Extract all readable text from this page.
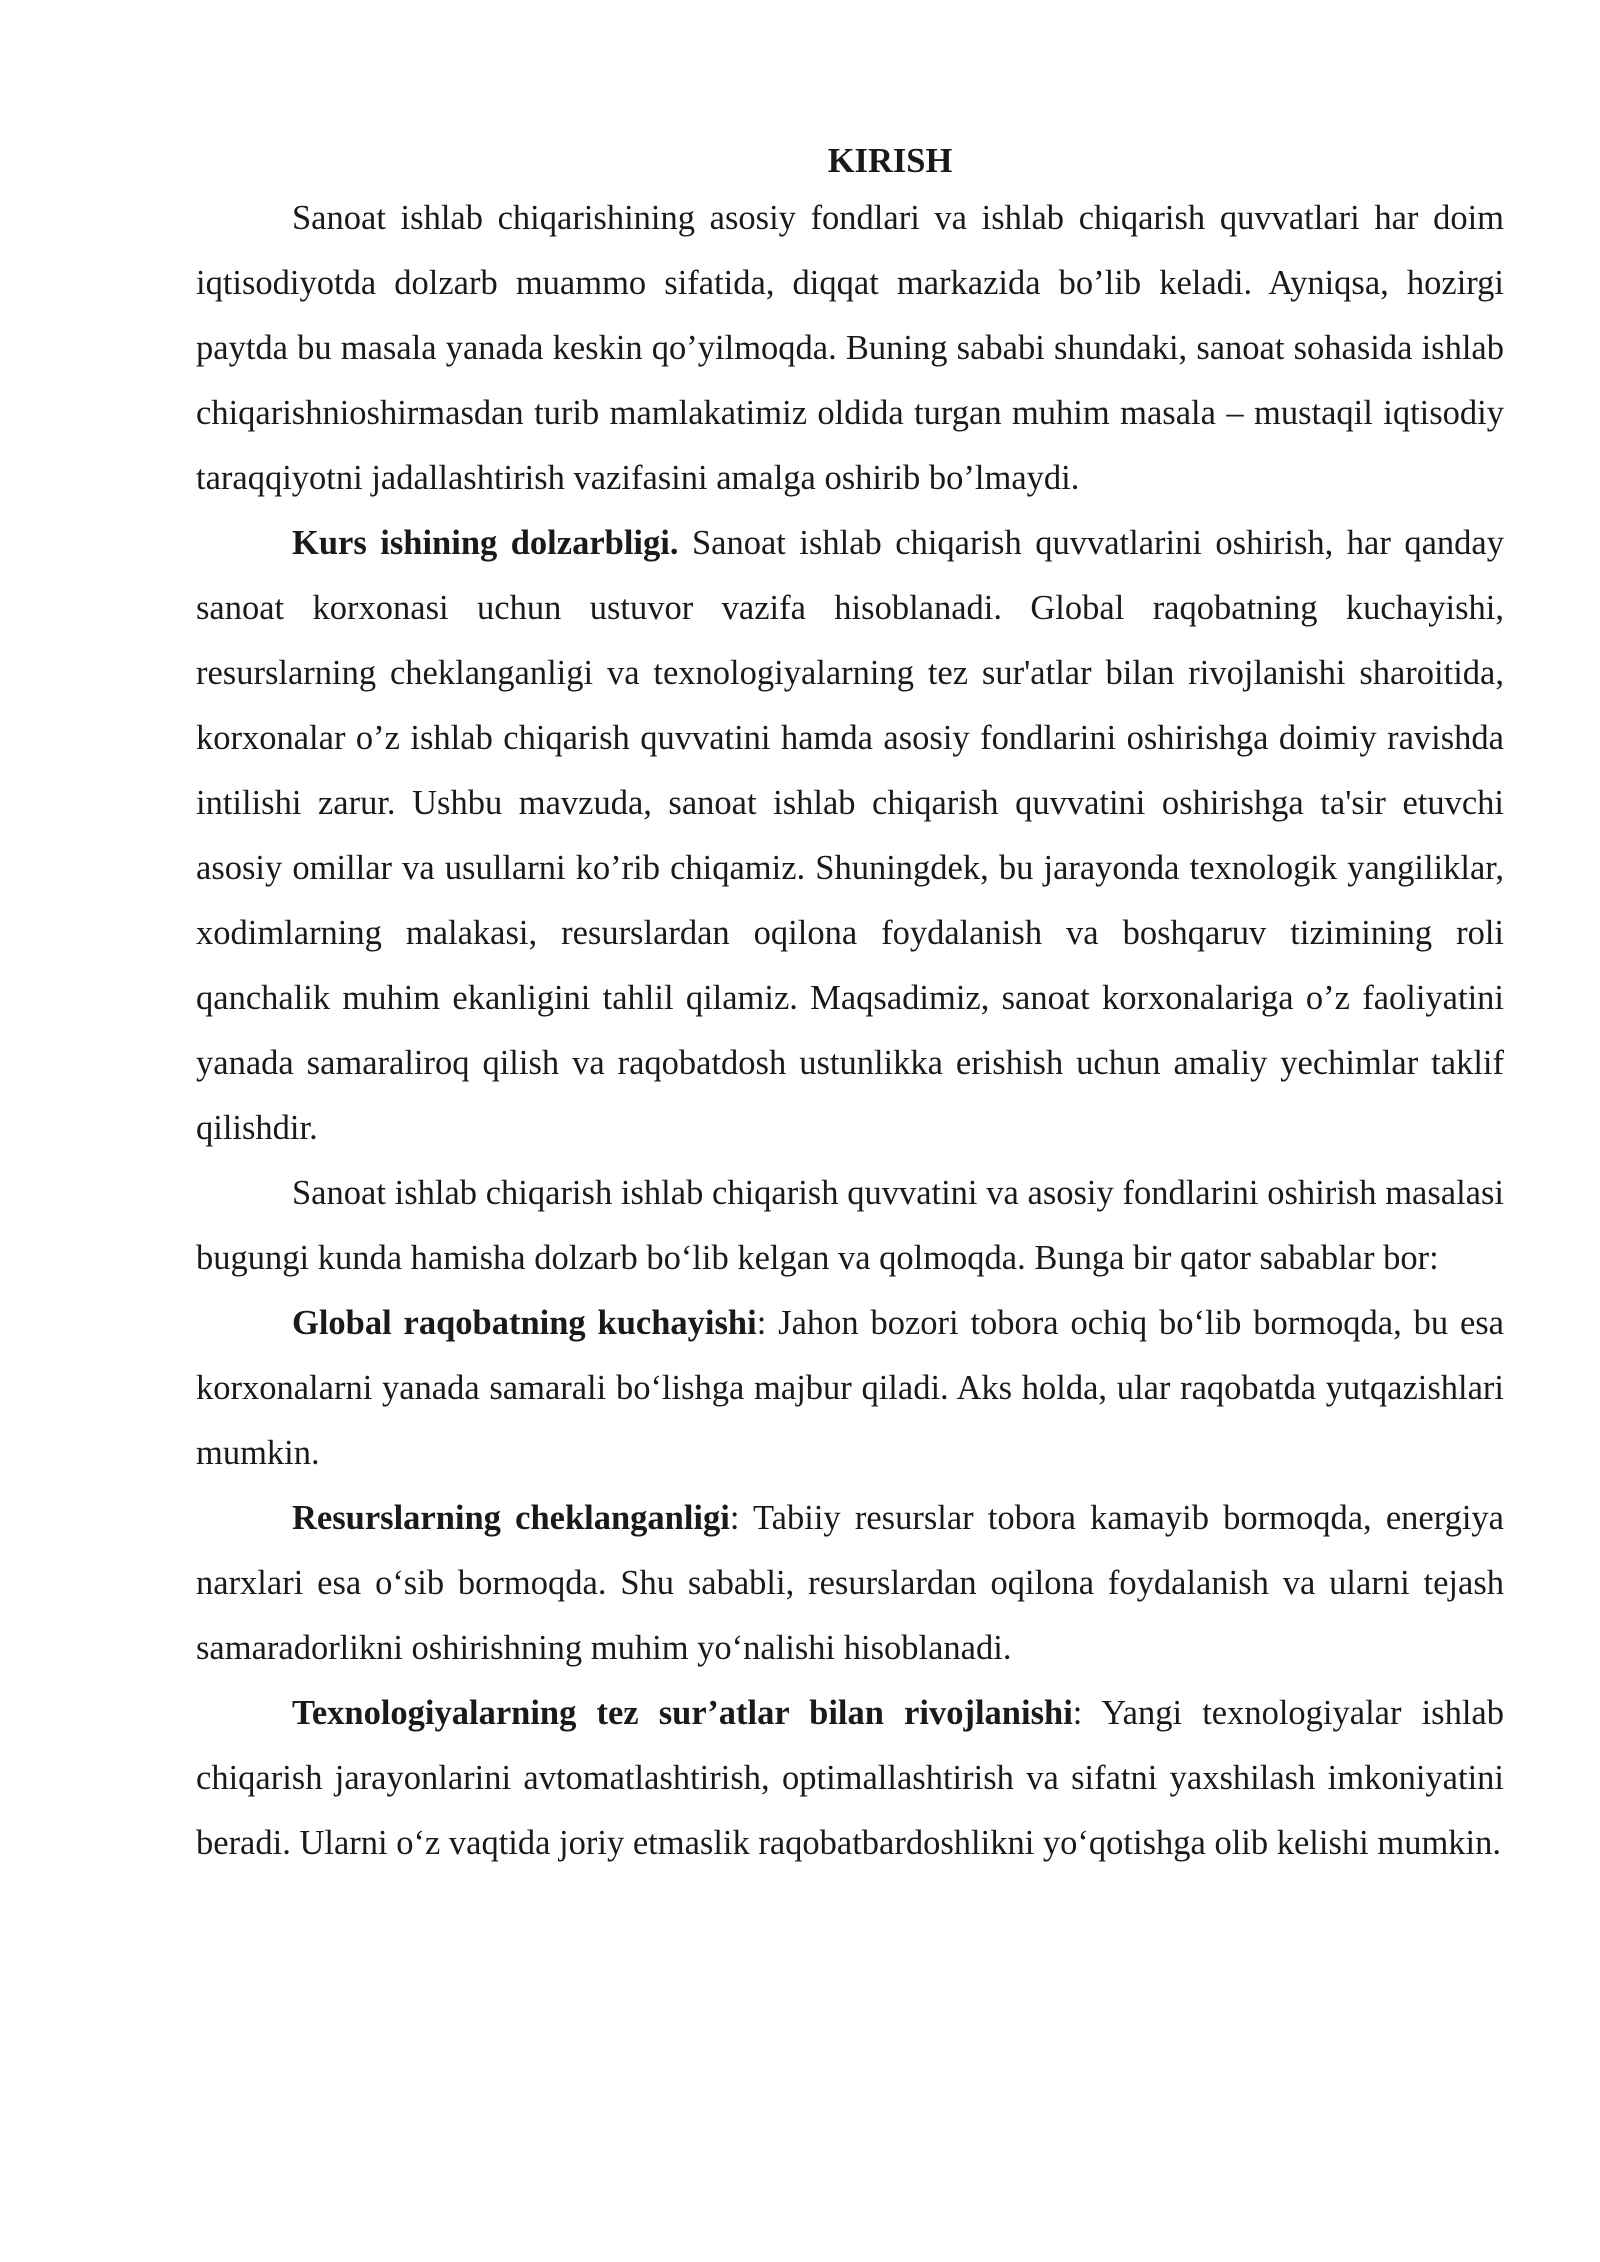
KIRISH

Sanoat ishlab chiqarishining asosiy fondlari va ishlab chiqarish quvvatlari har doim iqtisodiyotda dolzarb muammo sifatida, diqqat markazida bo’lib keladi. Ayniqsa, hozirgi paytda bu masala yanada keskin qo’yilmoqda. Buning sababi shundaki, sanoat sohasida ishlab chiqarishnioshirmasdan turib mamlakatimiz oldida turgan muhim masala – mustaqil iqtisodiy taraqqiyotni jadallashtirish vazifasini amalga oshirib bo’lmaydi.

Kurs ishining dolzarbligi. Sanoat ishlab chiqarish quvvatlarini oshirish, har qanday sanoat korxonasi uchun ustuvor vazifa hisoblanadi. Global raqobatning kuchayishi, resurslarning cheklanganligi va texnologiyalarning tez sur'atlar bilan rivojlanishi sharoitida, korxonalar o’z ishlab chiqarish quvvatini hamda asosiy fondlarini oshirishga doimiy ravishda intilishi zarur. Ushbu mavzuda, sanoat ishlab chiqarish quvvatini oshirishga ta'sir etuvchi asosiy omillar va usullarni ko’rib chiqamiz. Shuningdek, bu jarayonda texnologik yangiliklar, xodimlarning malakasi, resurslardan oqilona foydalanish va boshqaruv tizimining roli qanchalik muhim ekanligini tahlil qilamiz. Maqsadimiz, sanoat korxonalariga o’z faoliyatini yanada samaraliroq qilish va raqobatdosh ustunlikka erishish uchun amaliy yechimlar taklif qilishdir.

Sanoat ishlab chiqarish ishlab chiqarish quvvatini va asosiy fondlarini oshirish masalasi bugungi kunda hamisha dolzarb bo‘lib kelgan va qolmoqda. Bunga bir qator sabablar bor:

Global raqobatning kuchayishi: Jahon bozori tobora ochiq bo‘lib bormoqda, bu esa korxonalarni yanada samarali bo‘lishga majbur qiladi. Aks holda, ular raqobatda yutqazishlari mumkin.

Resurslarning cheklanganligi: Tabiiy resurslar tobora kamayib bormoqda, energiya narxlari esa o‘sib bormoqda. Shu sababli, resurslardan oqilona foydalanish va ularni tejash samaradorlikni oshirishning muhim yo‘nalishi hisoblanadi.

Texnologiyalarning tez sur’atlar bilan rivojlanishi: Yangi texnologiyalar ishlab chiqarish jarayonlarini avtomatlashtirish, optimallashtirish va sifatni yaxshilash imkoniyatini beradi. Ularni o‘z vaqtida joriy etmaslik raqobatbardoshlikni yo‘qotishga olib kelishi mumkin.
